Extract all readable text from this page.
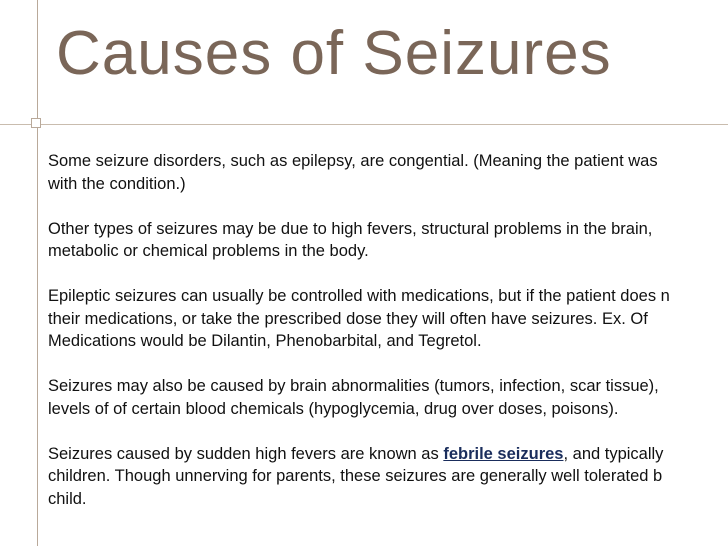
Causes of Seizures

Some seizure disorders, such as epilepsy, are congential. (Meaning the patient was
with the condition.)

Other types of seizures may be due to high fevers, structural problems in the brain,
metabolic or chemical problems in the body.

Epileptic seizures can usually be controlled with medications, but if the patient does n
their medications, or take the prescribed dose they will often have seizures. Ex. Of
Medications would be Dilantin, Phenobarbital, and Tegretol.

Seizures may also be caused by brain abnormalities (tumors, infection, scar tissue),
levels of of certain blood chemicals (hypoglycemia, drug over doses, poisons).

Seizures caused by sudden high fevers are known as febrile seizures, and typically
children. Though unnerving for parents, these seizures are generally well tolerated b
child.
